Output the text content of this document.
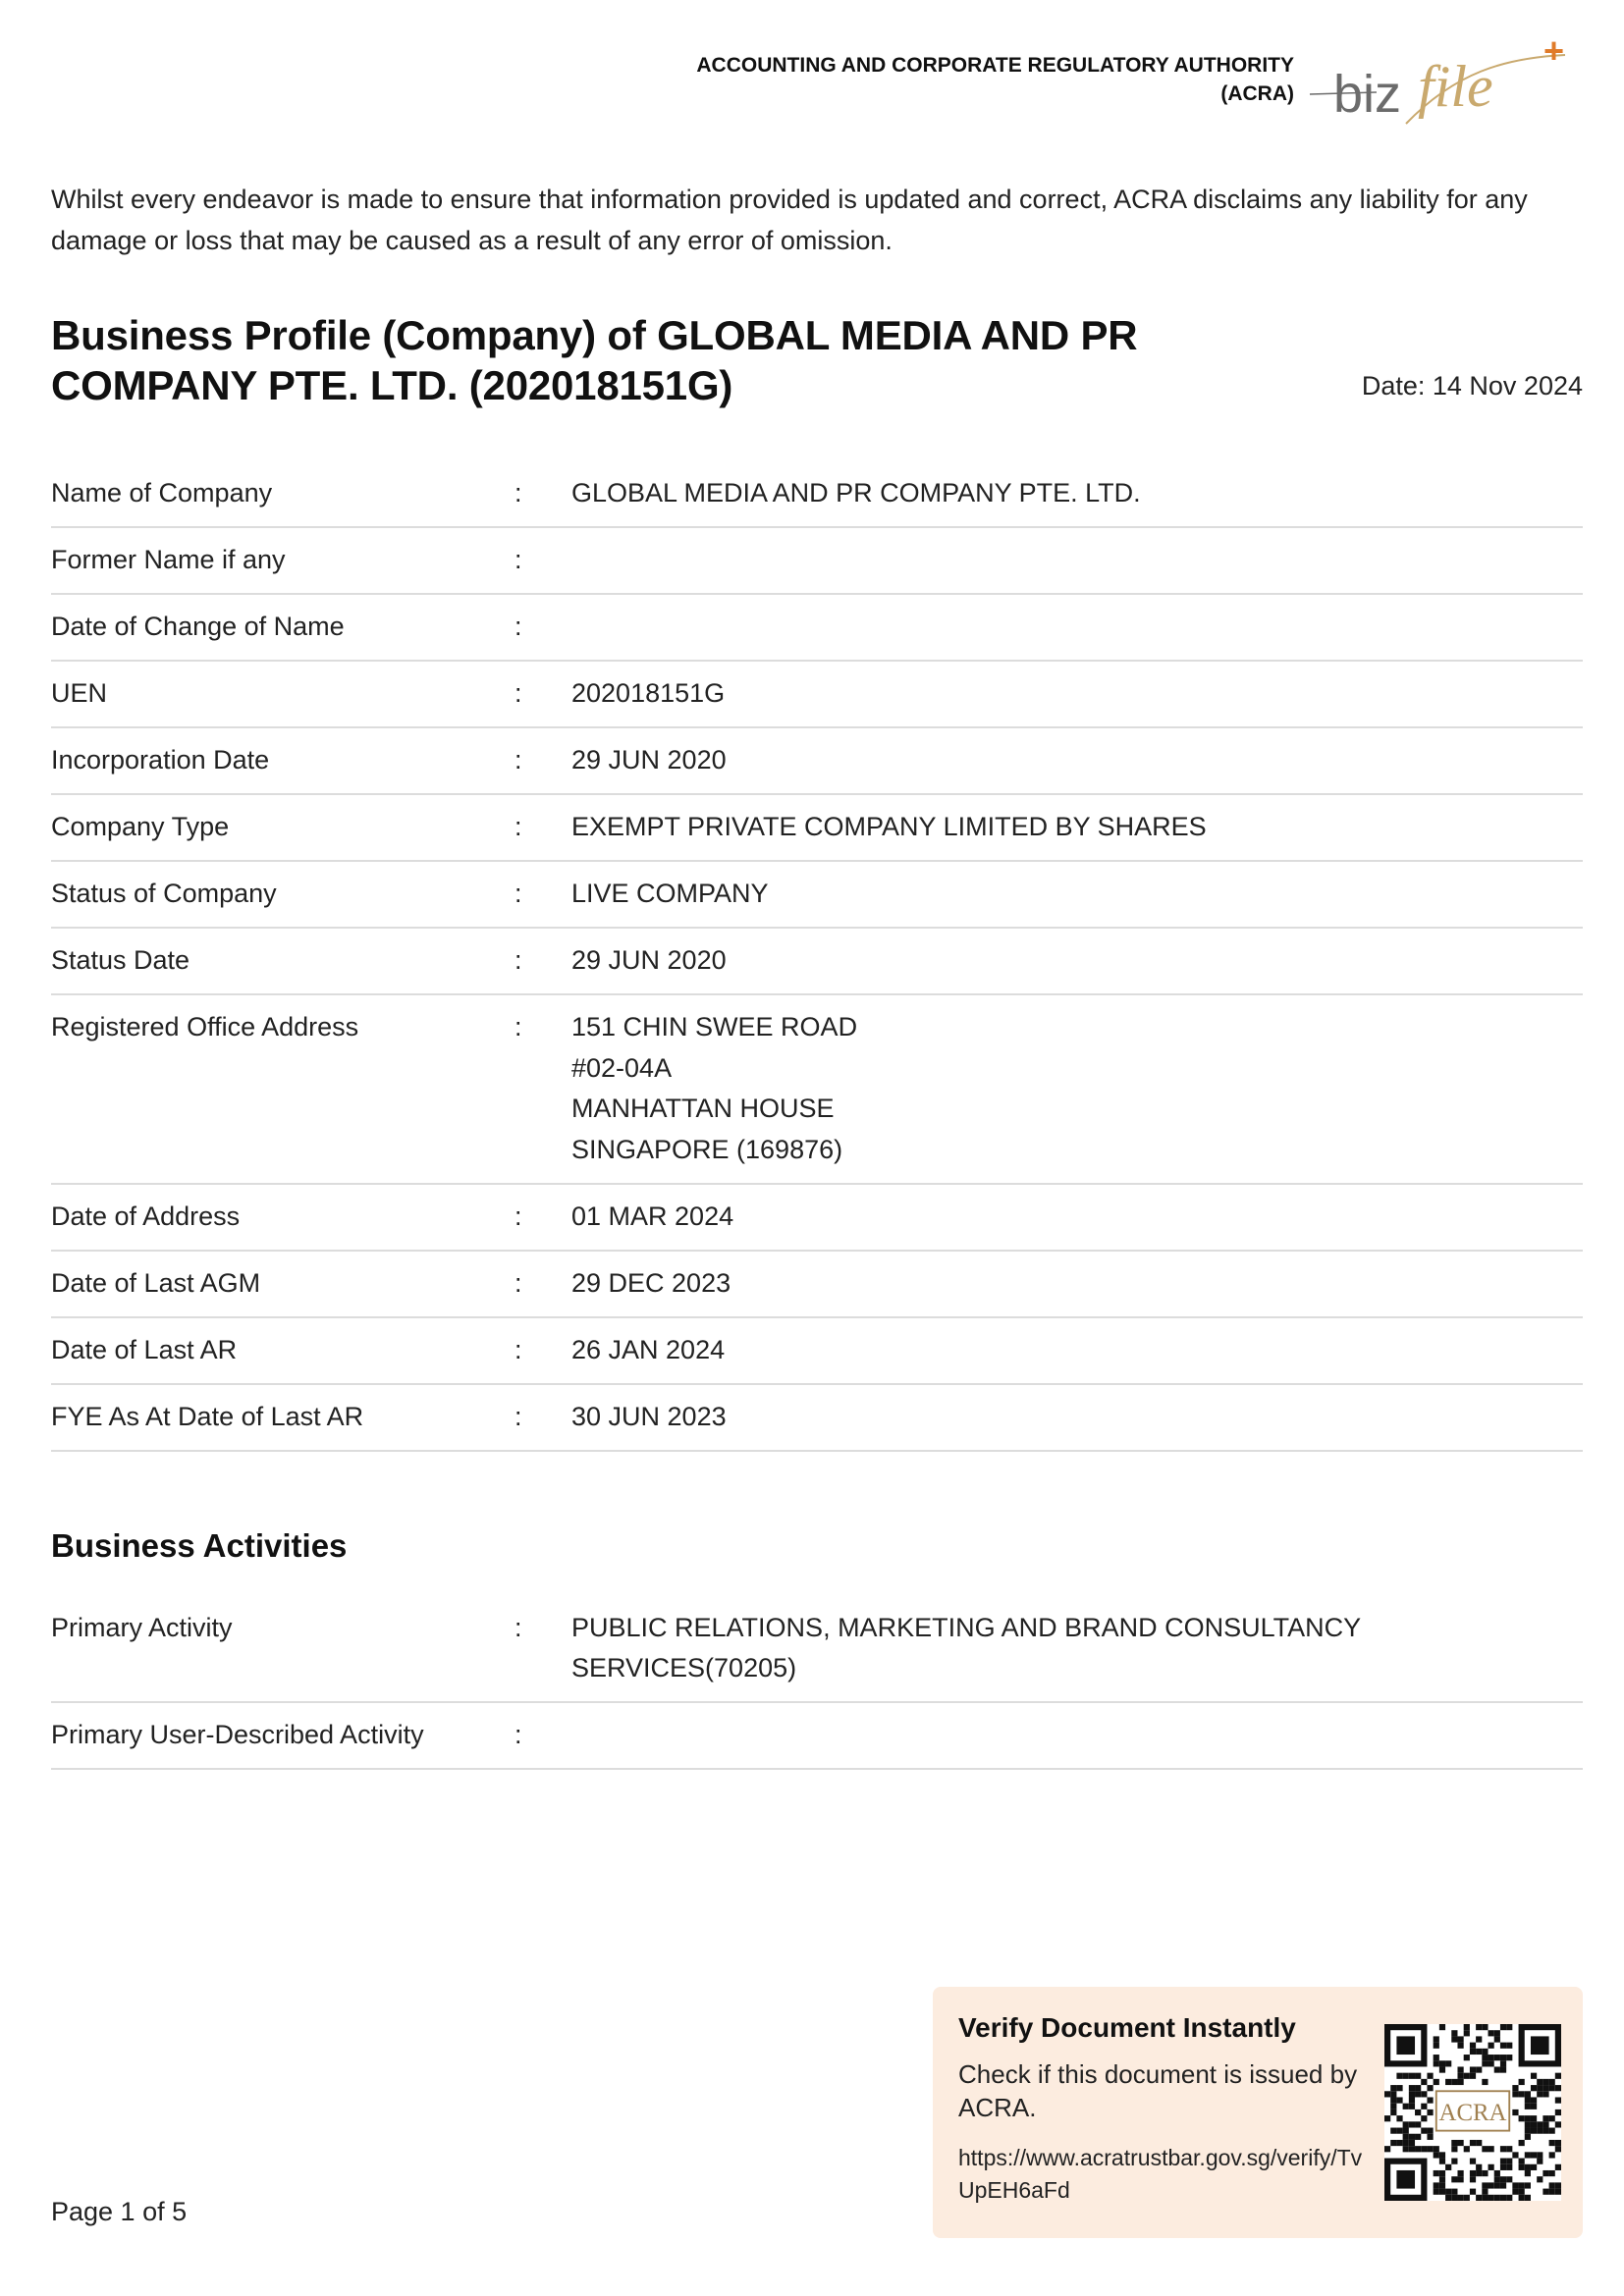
ACCOUNTING AND CORPORATE REGULATORY AUTHORITY
(ACRA) biz file
+
Whilst every endeavor is made to ensure that information provided is updated and correct, ACRA disclaims any liability for any damage or loss that may be caused as a result of any error of omission.
Business Profile (Company) of GLOBAL MEDIA AND PR
COMPANY PTE. LTD. (202018151G)	Date: 14 Nov 2024
Name of Company	:	GLOBAL MEDIA AND PR COMPANY PTE. LTD.
Former Name if any	:
Date of Change of Name	:
UEN	:	202018151G
Incorporation Date	:	29 JUN 2020
Company Type	:	EXEMPT PRIVATE COMPANY LIMITED BY SHARES
Status of Company	:	LIVE COMPANY
Status Date	:	29 JUN 2020
Registered Office Address	:	151 CHIN SWEE ROAD
#02-04A
MANHATTAN HOUSE
SINGAPORE (169876)
Date of Address	:	01 MAR 2024
Date of Last AGM	:	29 DEC 2023
Date of Last AR	:	26 JAN 2024
FYE As At Date of Last AR	:	30 JUN 2023
Business Activities
Primary Activity	:	PUBLIC RELATIONS, MARKETING AND BRAND CONSULTANCY SERVICES(70205)
Primary User-Described Activity	:
Page 1 of 5
Verify Document Instantly
Check if this document is issued by ACRA.
https://www.acratrustbar.gov.sg/verify/TvUpEH6aFd
ACRA
